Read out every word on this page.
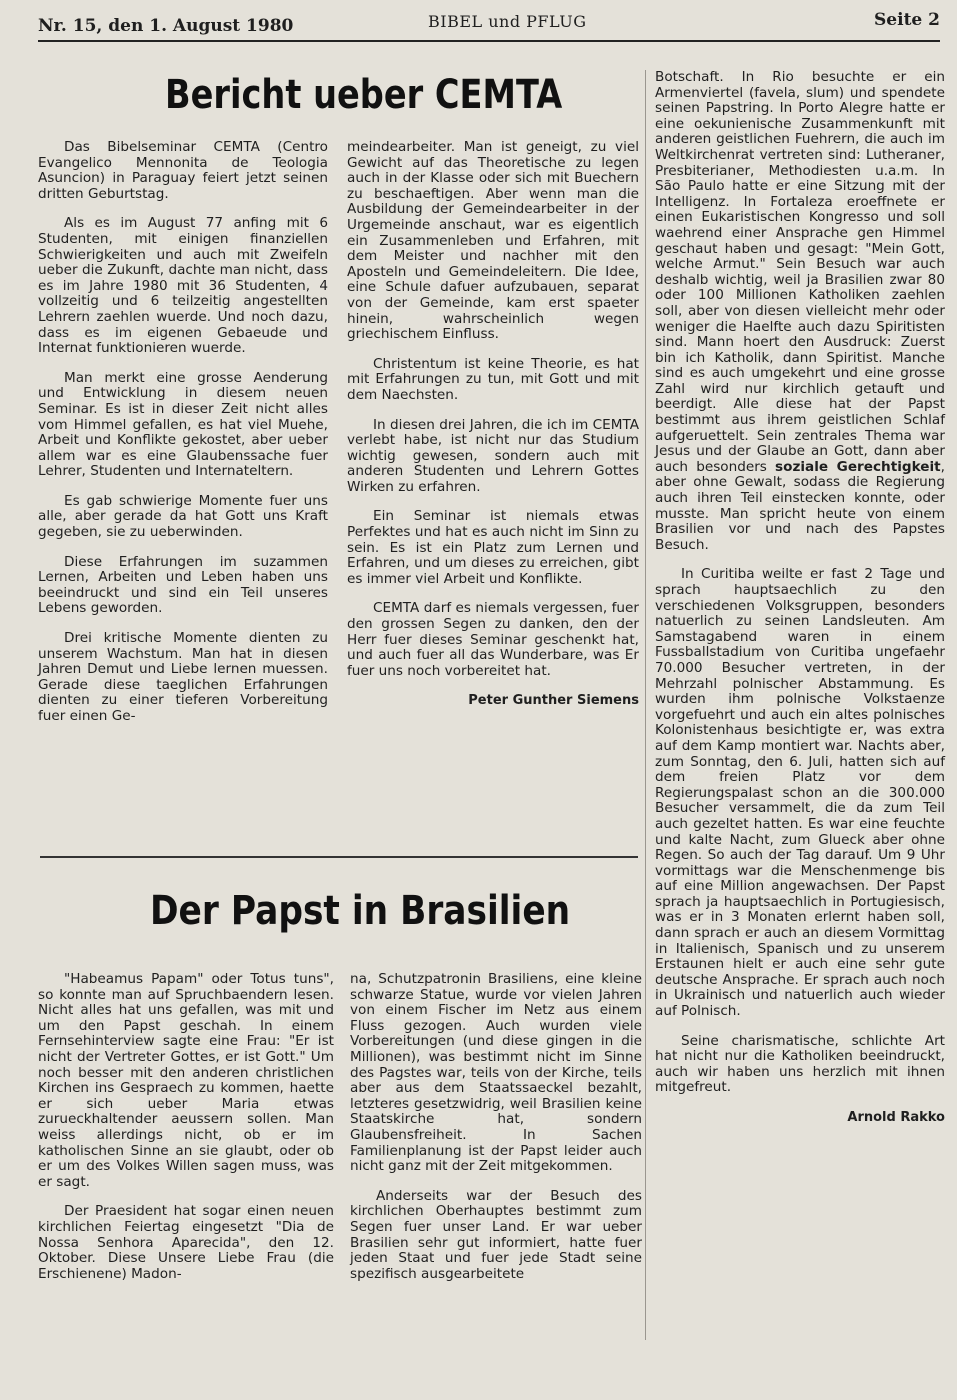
Nr. 15, den 1. August 1980	BIBEL und PFLUG	Seite 2
Bericht ueber CEMTA

Das Bibelseminar CEMTA (Centro Evangelico Mennonita de Teologia Asuncion) in Paraguay feiert jetzt seinen dritten Geburtstag.

Als es im August 77 anfing mit 6 Studenten, mit einigen finanziellen Schwierigkeiten und auch mit Zweifeln ueber die Zukunft, dachte man nicht, dass es im Jahre 1980 mit 36 Studenten, 4 vollzeitig und 6 teilzeitig angestellten Lehrern zaehlen wuerde. Und noch dazu, dass es im eigenen Gebaeude und Internat funktionieren wuerde.

Man merkt eine grosse Aenderung und Entwicklung in diesem neuen Seminar. Es ist in dieser Zeit nicht alles vom Himmel gefallen, es hat viel Muehe, Arbeit und Konflikte gekostet, aber ueber allem war es eine Glaubenssache fuer Lehrer, Studenten und Internateltern.

Es gab schwierige Momente fuer uns alle, aber gerade da hat Gott uns Kraft gegeben, sie zu ueberwinden.

Diese Erfahrungen im suzammen Lernen, Arbeiten und Leben haben uns beeindruckt und sind ein Teil unseres Lebens geworden.

Drei kritische Momente dienten zu unserem Wachstum. Man hat in diesen Jahren Demut und Liebe lernen muessen. Gerade diese taeglichen Erfahrungen dienten zu einer tieferen Vorbereitung fuer einen Ge-

meindearbeiter. Man ist geneigt, zu viel Gewicht auf das Theoretische zu legen auch in der Klasse oder sich mit Buechern zu beschaeftigen. Aber wenn man die Ausbildung der Gemeindearbeiter in der Urgemeinde anschaut, war es eigentlich ein Zusammenleben und Erfahren, mit dem Meister und nachher mit den Aposteln und Gemeindeleitern. Die Idee, eine Schule dafuer aufzubauen, separat von der Gemeinde, kam erst spaeter hinein, wahrscheinlich wegen griechischem Einfluss.

Christentum ist keine Theorie, es hat mit Erfahrungen zu tun, mit Gott und mit dem Naechsten.

In diesen drei Jahren, die ich im CEMTA verlebt habe, ist nicht nur das Studium wichtig gewesen, sondern auch mit anderen Studenten und Lehrern Gottes Wirken zu erfahren.

Ein Seminar ist niemals etwas Perfektes und hat es auch nicht im Sinn zu sein. Es ist ein Platz zum Lernen und Erfahren, und um dieses zu erreichen, gibt es immer viel Arbeit und Konflikte.

CEMTA darf es niemals vergessen, fuer den grossen Segen zu danken, den der Herr fuer dieses Seminar geschenkt hat, und auch fuer all das Wunderbare, was Er fuer uns noch vorbereitet hat.

Peter Gunther Siemens

Der Papst in Brasilien

"Habeamus Papam" oder Totus tuns", so konnte man auf Spruchbaendern lesen. Nicht alles hat uns gefallen, was mit und um den Papst geschah. In einem Fernsehinterview sagte eine Frau: "Er ist nicht der Vertreter Gottes, er ist Gott." Um noch besser mit den anderen christlichen Kirchen ins Gespraech zu kommen, haette er sich ueber Maria etwas zurueckhaltender aeussern sollen. Man weiss allerdings nicht, ob er im katholischen Sinne an sie glaubt, oder ob er um des Volkes Willen sagen muss, was er sagt.

Der Praesident hat sogar einen neuen kirchlichen Feiertag eingesetzt "Dia de Nossa Senhora Aparecida", den 12. Oktober. Diese Unsere Liebe Frau (die Erschienene) Madon-

na, Schutzpatronin Brasiliens, eine kleine schwarze Statue, wurde vor vielen Jahren von einem Fischer im Netz aus einem Fluss gezogen. Auch wurden viele Vorbereitungen (und diese gingen in die Millionen), was bestimmt nicht im Sinne des Pagstes war, teils von der Kirche, teils aber aus dem Staatssaeckel bezahlt, letzteres gesetzwidrig, weil Brasilien keine Staatskirche hat, sondern Glaubensfreiheit. In Sachen Familienplanung ist der Papst leider auch nicht ganz mit der Zeit mitgekommen.

Anderseits war der Besuch des kirchlichen Oberhauptes bestimmt zum Segen fuer unser Land. Er war ueber Brasilien sehr gut informiert, hatte fuer jeden Staat und fuer jede Stadt seine spezifisch ausgearbeitete

Botschaft. In Rio besuchte er ein Armenviertel (favela, slum) und spendete seinen Papstring. In Porto Alegre hatte er eine oekunienische Zusammenkunft mit anderen geistlichen Fuehrern, die auch im Weltkirchenrat vertreten sind: Lutheraner, Presbiterianer, Methodiesten u.a.m. In São Paulo hatte er eine Sitzung mit der Intelligenz. In Fortaleza eroeffnete er einen Eukaristischen Kongresso und soll waehrend einer Ansprache gen Himmel geschaut haben und gesagt: "Mein Gott, welche Armut." Sein Besuch war auch deshalb wichtig, weil ja Brasilien zwar 80 oder 100 Millionen Katholiken zaehlen soll, aber von diesen vielleicht mehr oder weniger die Haelfte auch dazu Spiritisten sind. Mann hoert den Ausdruck: Zuerst bin ich Katholik, dann Spiritist. Manche sind es auch umgekehrt und eine grosse Zahl wird nur kirchlich getauft und beerdigt. Alle diese hat der Papst bestimmt aus ihrem geistlichen Schlaf aufgeruettelt. Sein zentrales Thema war Jesus und der Glaube an Gott, dann aber auch besonders soziale Gerechtigkeit, aber ohne Gewalt, sodass die Regierung auch ihren Teil einstecken konnte, oder musste. Man spricht heute von einem Brasilien vor und nach des Papstes Besuch.

In Curitiba weilte er fast 2 Tage und sprach hauptsaechlich zu den verschiedenen Volksgruppen, besonders natuerlich zu seinen Landsleuten. Am Samstagabend waren in einem Fussballstadium von Curitiba ungefaehr 70.000 Besucher vertreten, in der Mehrzahl polnischer Abstammung. Es wurden ihm polnische Volkstaenze vorgefuehrt und auch ein altes polnisches Kolonistenhaus besichtigte er, was extra auf dem Kamp montiert war. Nachts aber, zum Sonntag, den 6. Juli, hatten sich auf dem freien Platz vor dem Regierungspalast schon an die 300.000 Besucher versammelt, die da zum Teil auch gezeltet hatten. Es war eine feuchte und kalte Nacht, zum Glueck aber ohne Regen. So auch der Tag darauf. Um 9 Uhr vormittags war die Menschenmenge bis auf eine Million angewachsen. Der Papst sprach ja hauptsaechlich in Portugiesisch, was er in 3 Monaten erlernt haben soll, dann sprach er auch an diesem Vormittag in Italienisch, Spanisch und zu unserem Erstaunen hielt er auch eine sehr gute deutsche Ansprache. Er sprach auch noch in Ukrainisch und natuerlich auch wieder auf Polnisch.

Seine charismatische, schlichte Art hat nicht nur die Katholiken beeindruckt, auch wir haben uns herzlich mit ihnen mitgefreut.

Arnold Rakko
